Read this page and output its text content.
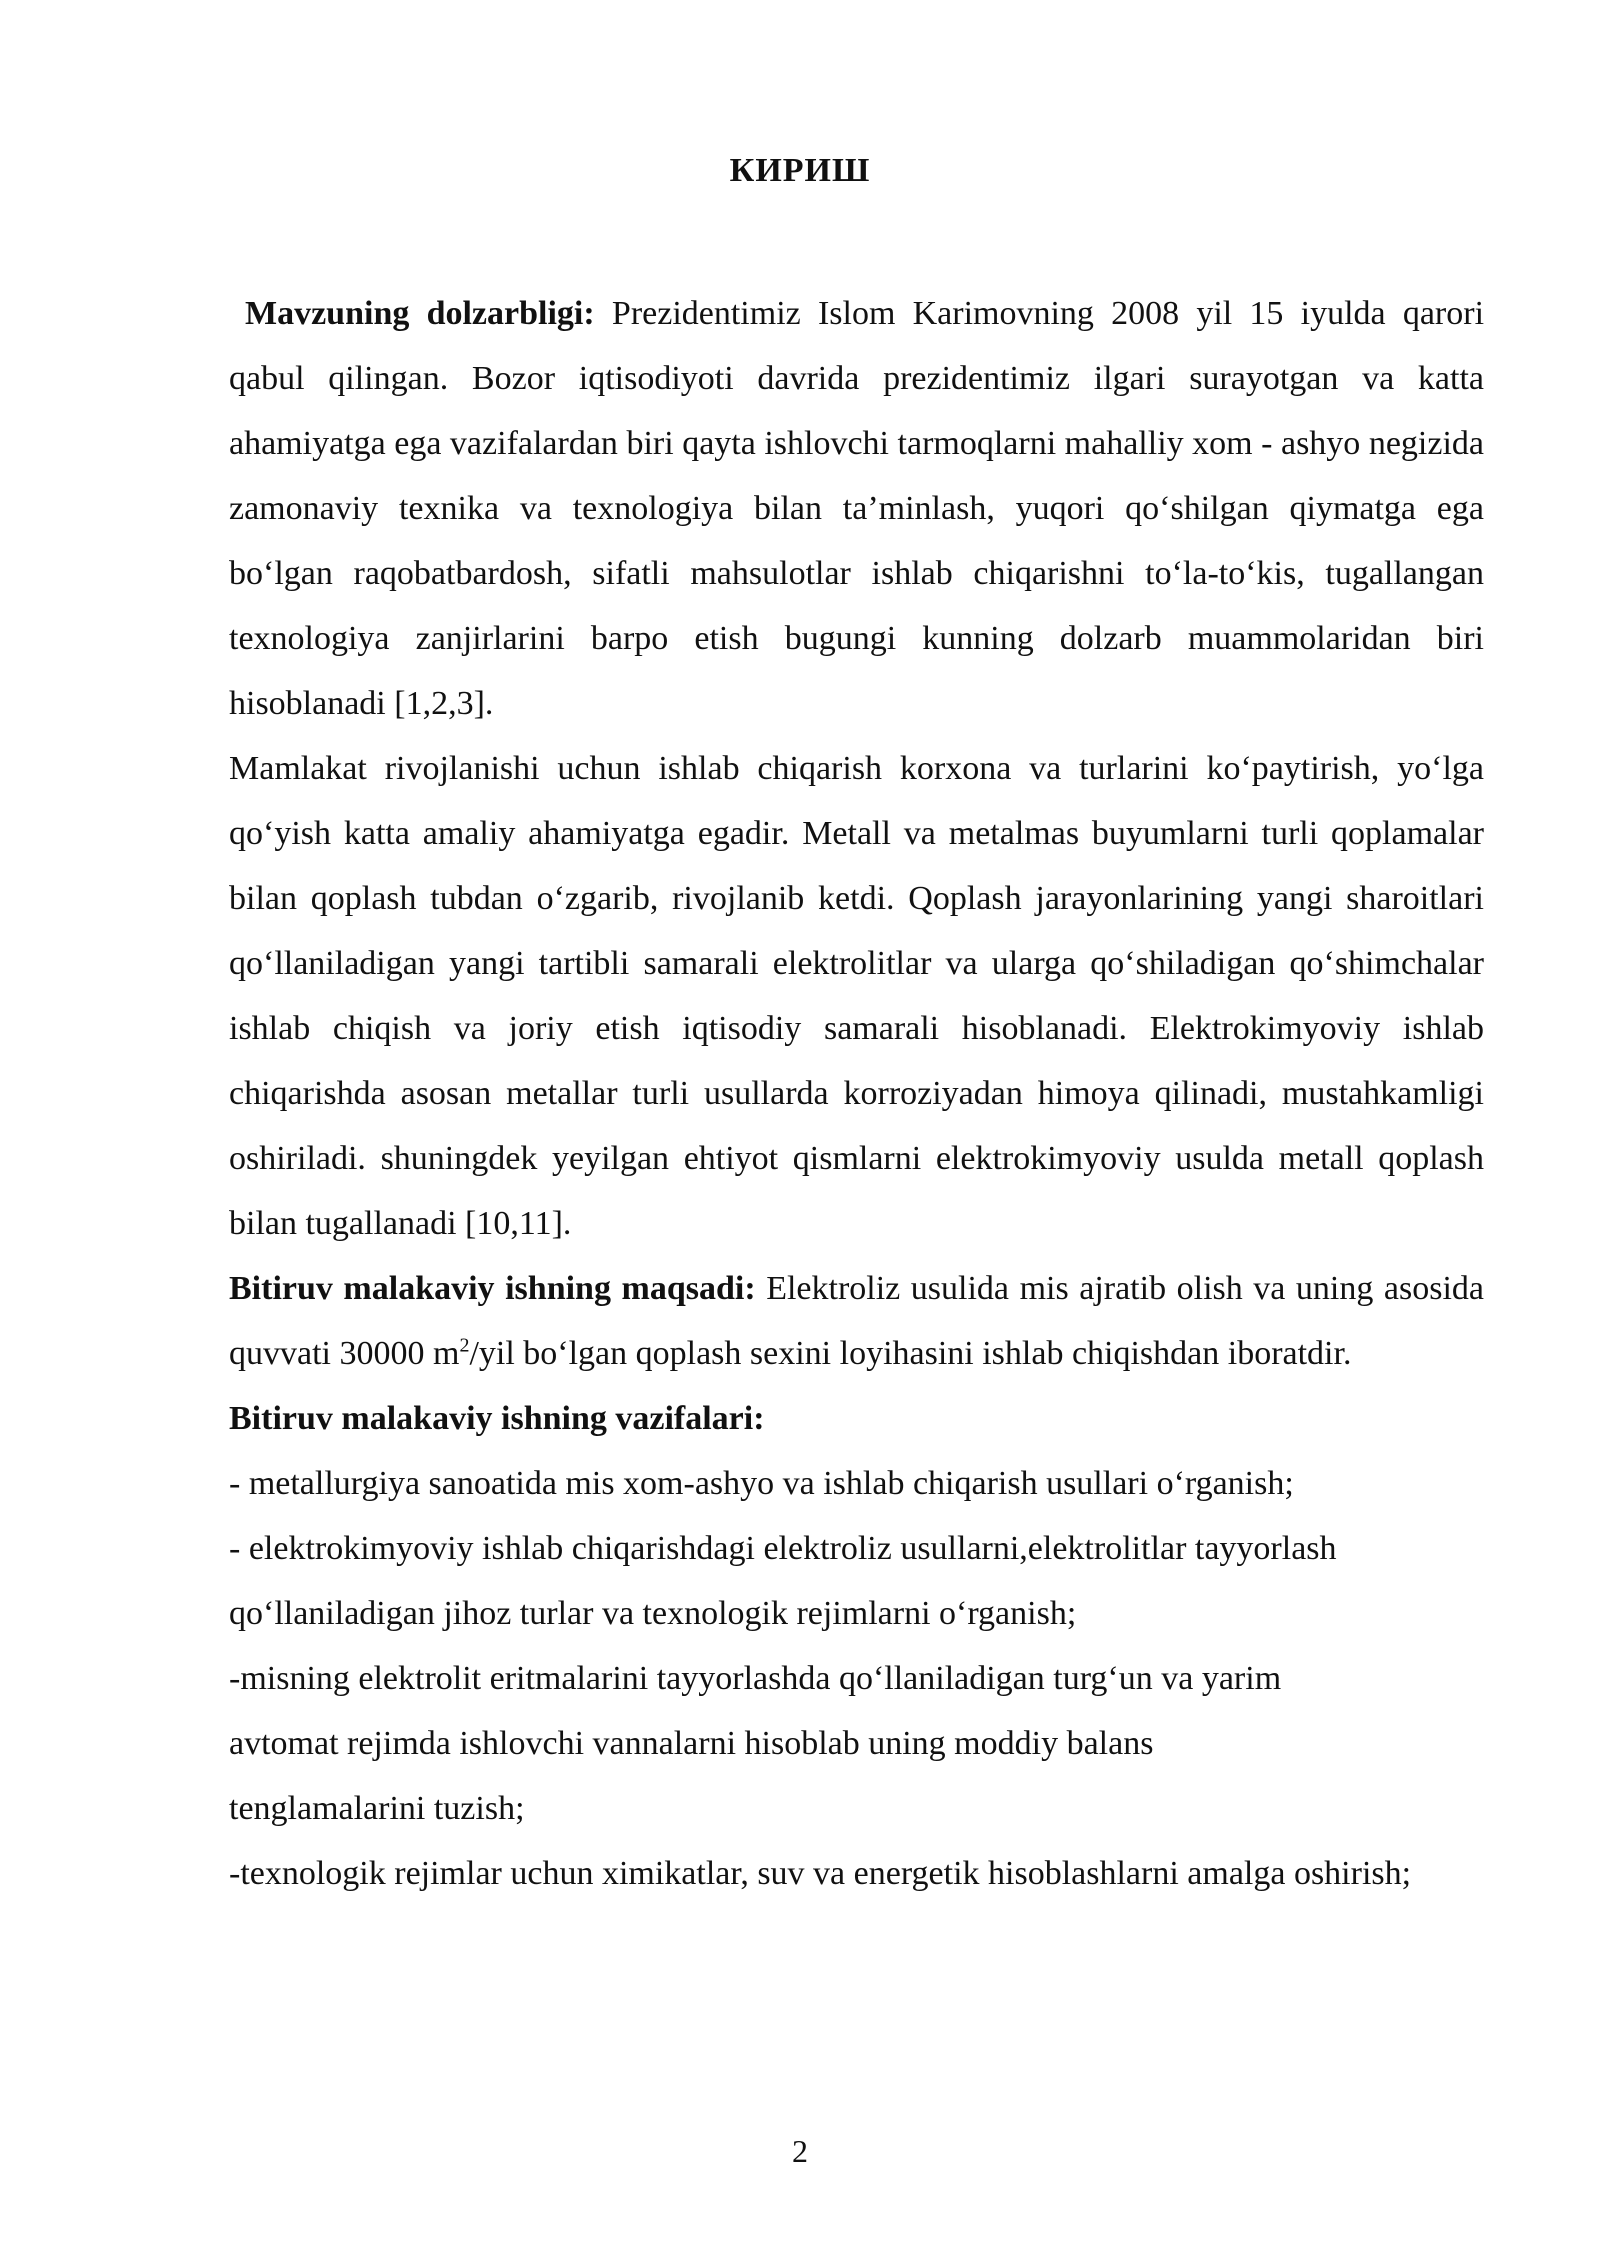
КИРИШ

Mavzuning dolzarbligi: Prezidentimiz Islom Karimovning 2008 yil 15 iyulda qarori qabul qilingan. Bozor iqtisodiyoti davrida prezidentimiz ilgari surayotgan va katta ahamiyatga ega vazifalardan biri qayta ishlovchi tarmoqlarni mahalliy xom - ashyo negizida zamonaviy texnika va texnologiya bilan ta’minlash, yuqori qo‘shilgan qiymatga ega bo‘lgan raqobatbardosh, sifatli mahsulotlar ishlab chiqarishni to‘la-to‘kis, tugallangan texnologiya zanjirlarini barpo etish bugungi kunning dolzarb muammolaridan biri hisoblanadi [1,2,3].

Mamlakat rivojlanishi uchun ishlab chiqarish korxona va turlarini ko‘paytirish, yo‘lga qo‘yish katta amaliy ahamiyatga egadir. Metall va metalmas buyumlarni turli qoplamalar bilan qoplash tubdan o‘zgarib, rivojlanib ketdi. Qoplash jarayonlarining yangi sharoitlari qo‘llaniladigan yangi tartibli samarali elektrolitlar va ularga qo‘shiladigan qo‘shimchalar ishlab chiqish va joriy etish iqtisodiy samarali hisoblanadi. Elektrokimyoviy ishlab chiqarishda asosan metallar turli usullarda korroziyadan himoya qilinadi, mustahkamligi oshiriladi. shuningdek yeyilgan ehtiyot qismlarni elektrokimyoviy usulda metall qoplash bilan tugallanadi [10,11].

Bitiruv malakaviy ishning maqsadi: Elektroliz usulida mis ajratib olish va uning asosida quvvati 30000 $m^2$/yil bo‘lgan qoplash sexini loyihasini ishlab chiqishdan iboratdir.

Bitiruv malakaviy ishning vazifalari:

- metallurgiya sanoatida mis xom-ashyo va ishlab chiqarish usullari o‘rganish;

- elektrokimyoviy ishlab chiqarishdagi elektroliz usullarni,elektrolitlar tayyorlash

qo‘llaniladigan jihoz turlar va texnologik rejimlarni o‘rganish;

-misning elektrolit eritmalarini tayyorlashda qo‘llaniladigan turg‘un va yarim

avtomat rejimda ishlovchi vannalarni hisoblab uning moddiy balans

tenglamalarini tuzish;

-texnologik rejimlar uchun ximikatlar, suv va energetik hisoblashlarni amalga oshirish;

2
